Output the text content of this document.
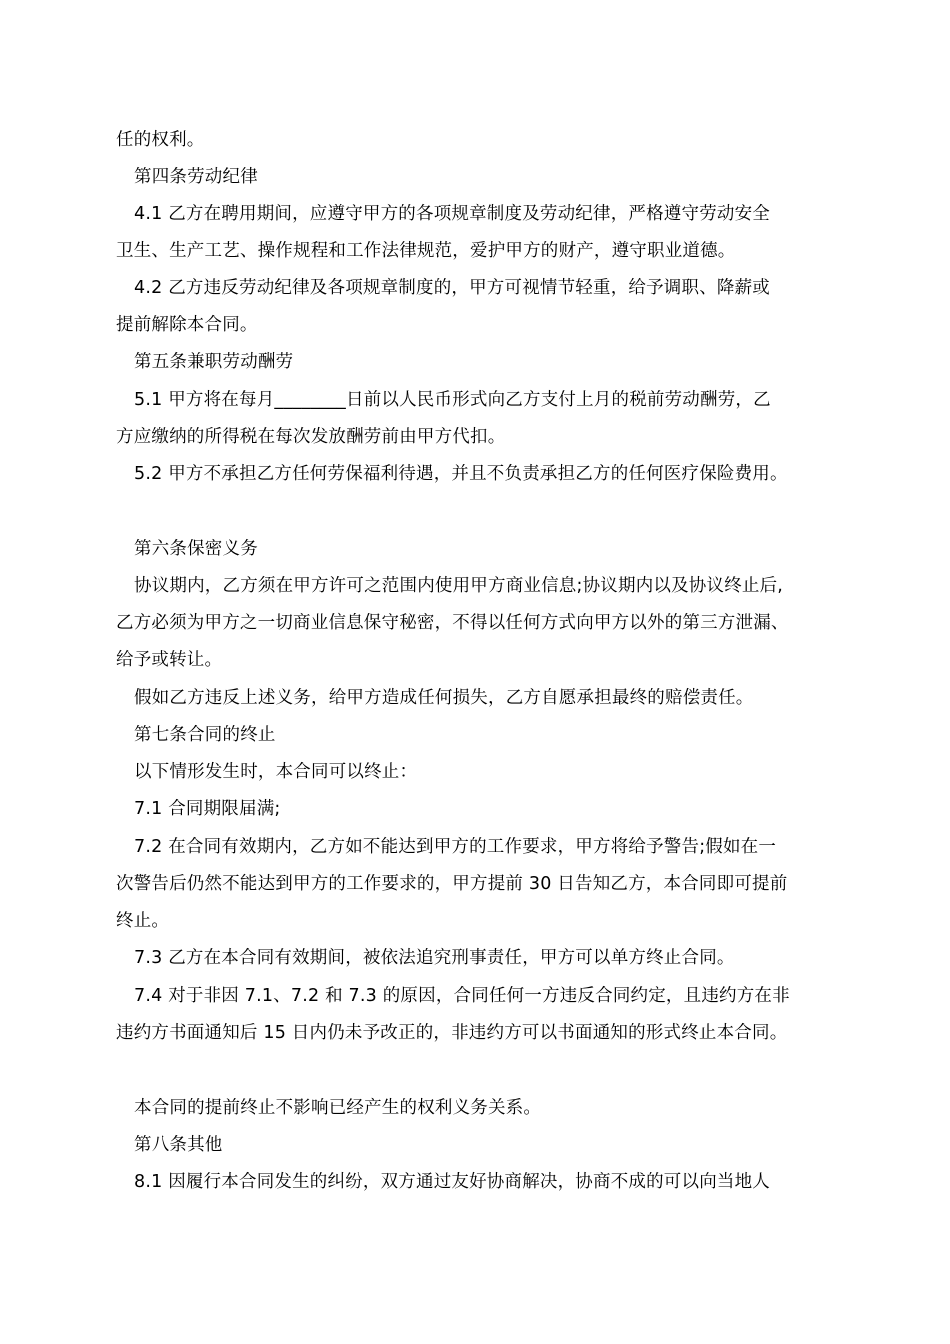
任的权利。
第四条劳动纪律
4.1 乙方在聘用期间，应遵守甲方的各项规章制度及劳动纪律，严格遵守劳动安全
卫生、生产工艺、操作规程和工作法律规范，爱护甲方的财产，遵守职业道德。
4.2 乙方违反劳动纪律及各项规章制度的，甲方可视情节轻重，给予调职、降薪或
提前解除本合同。
第五条兼职劳动酬劳
5.1 甲方将在每月________日前以人民币形式向乙方支付上月的税前劳动酬劳，乙
方应缴纳的所得税在每次发放酬劳前由甲方代扣。
5.2 甲方不承担乙方任何劳保福利待遇，并且不负责承担乙方的任何医疗保险费用。
第六条保密义务
协议期内，乙方须在甲方许可之范围内使用甲方商业信息;协议期内以及协议终止后,
乙方必须为甲方之一切商业信息保守秘密，不得以任何方式向甲方以外的第三方泄漏、
给予或转让。
假如乙方违反上述义务，给甲方造成任何损失，乙方自愿承担最终的赔偿责任。
第七条合同的终止
以下情形发生时，本合同可以终止：
7.1 合同期限届满;
7.2 在合同有效期内，乙方如不能达到甲方的工作要求，甲方将给予警告;假如在一
次警告后仍然不能达到甲方的工作要求的，甲方提前 30 日告知乙方，本合同即可提前
终止。
7.3 乙方在本合同有效期间，被依法追究刑事责任，甲方可以单方终止合同。
7.4 对于非因 7.1、7.2 和 7.3 的原因，合同任何一方违反合同约定，且违约方在非
违约方书面通知后 15 日内仍未予改正的，非违约方可以书面通知的形式终止本合同。
本合同的提前终止不影响已经产生的权利义务关系。
第八条其他
8.1 因履行本合同发生的纠纷，双方通过友好协商解决，协商不成的可以向当地人
